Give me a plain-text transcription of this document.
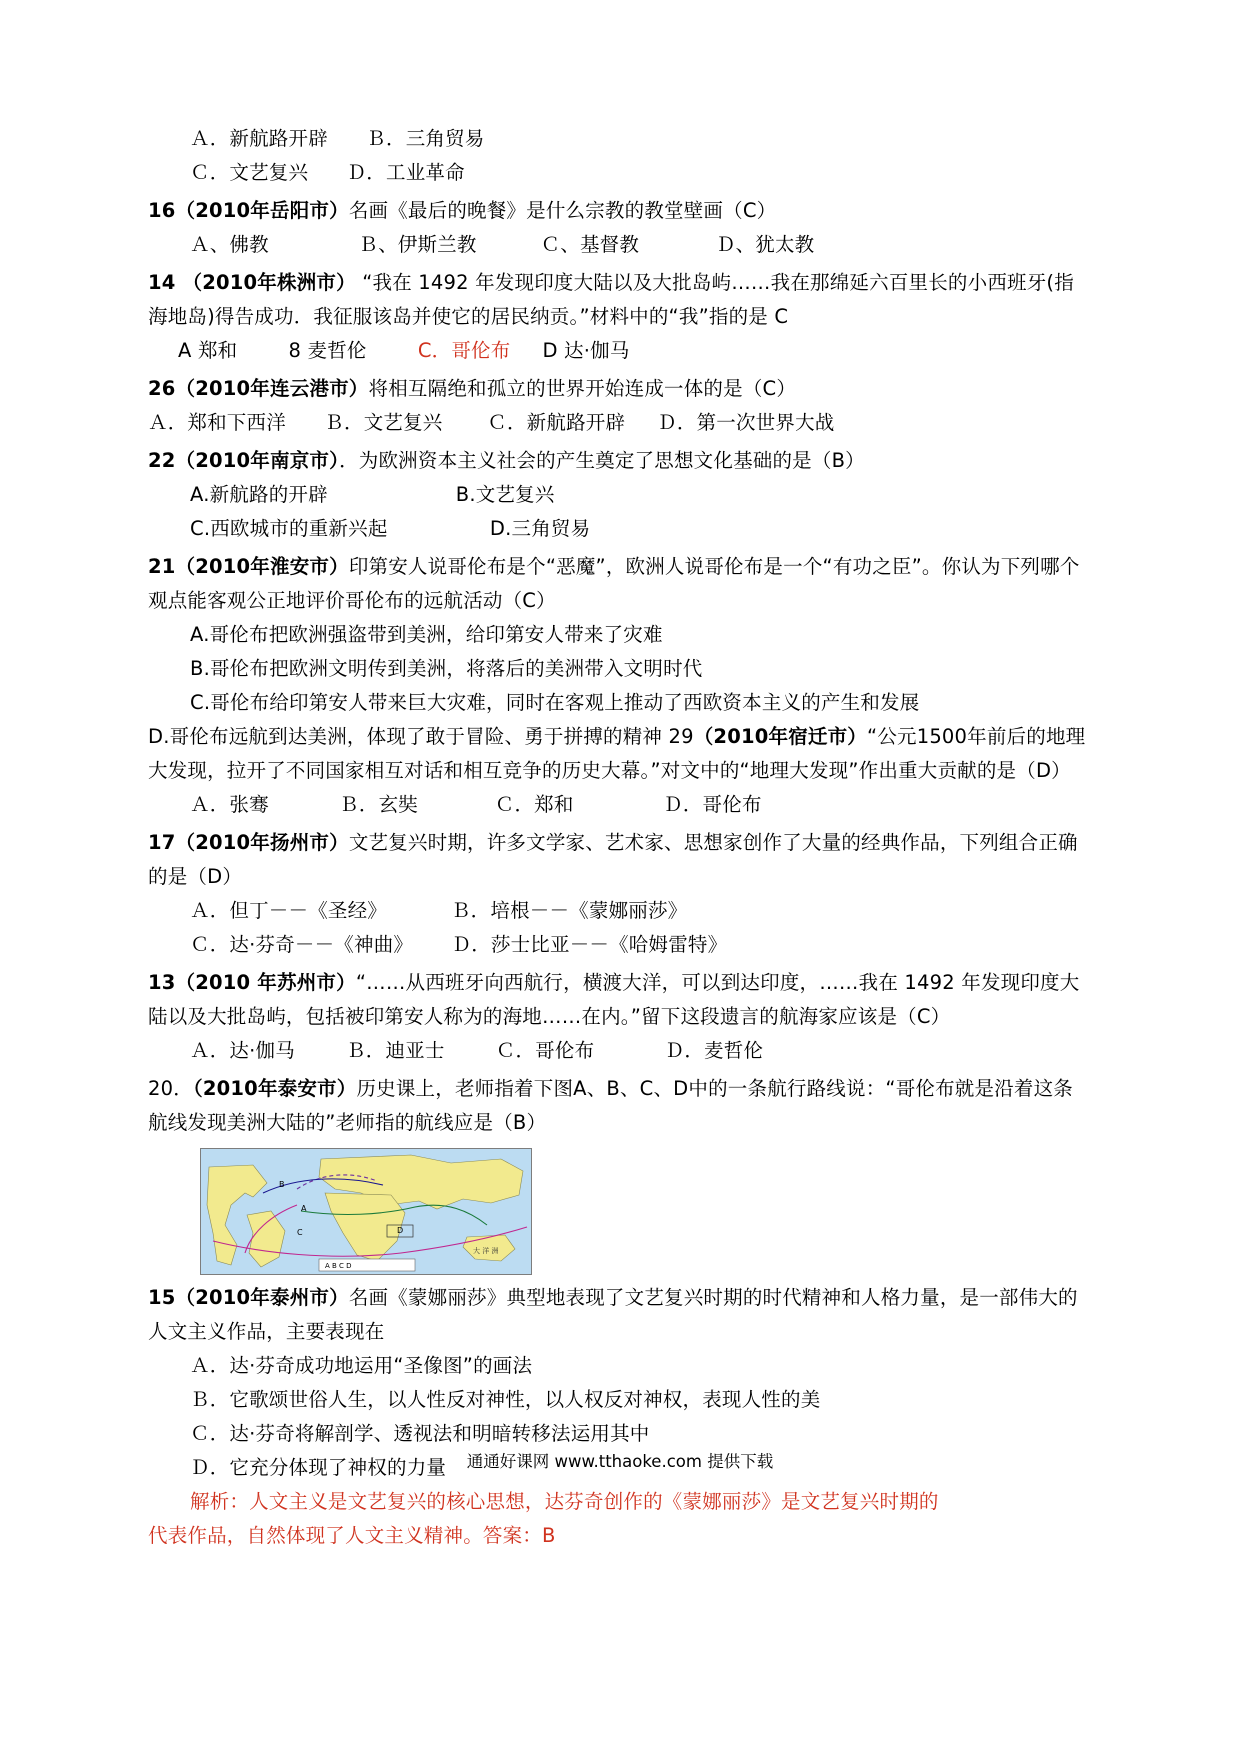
Ａ．新航路开辟      Ｂ．三角贸易
Ｃ．文艺复兴      Ｄ．工业革命
16（2010年岳阳市）名画《最后的晚餐》是什么宗教的教堂壁画（C）
Ａ、佛教              Ｂ、伊斯兰教          Ｃ、基督教            Ｄ、犹太教
14 （2010年株洲市） “我在 1492 年发现印度大陆以及大批岛屿……我在那绵延六百里长的小西班牙(指海地岛)得告成功．我征服该岛并使它的居民纳贡。”材料中的“我”指的是 C
A 郑和        8 麦哲伦        C．哥伦布     D 达·伽马
26（2010年连云港市）将相互隔绝和孤立的世界开始连成一体的是（C）
Ａ．郑和下西洋      Ｂ．文艺复兴       Ｃ．新航路开辟     Ｄ．第一次世界大战
22（2010年南京市）．为欧洲资本主义社会的产生奠定了思想文化基础的是（B）
A.新航路的开辟                    B.文艺复兴
C.西欧城市的重新兴起                D.三角贸易
21（2010年淮安市）印第安人说哥伦布是个“恶魔”，欧洲人说哥伦布是一个“有功之臣”。你认为下列哪个观点能客观公正地评价哥伦布的远航活动（C）
A.哥伦布把欧洲强盗带到美洲，给印第安人带来了灾难
B.哥伦布把欧洲文明传到美洲，将落后的美洲带入文明时代
C.哥伦布给印第安人带来巨大灾难，同时在客观上推动了西欧资本主义的产生和发展
D.哥伦布远航到达美洲，体现了敢于冒险、勇于拼搏的精神 29（2010年宿迁市）“公元1500年前后的地理大发现，拉开了不同国家相互对话和相互竞争的历史大幕。”对文中的“地理大发现”作出重大贡献的是（D）
Ａ．张骞           Ｂ．玄奘            Ｃ．郑和              Ｄ．哥伦布
17（2010年扬州市）文艺复兴时期，许多文学家、艺术家、思想家创作了大量的经典作品，下列组合正确的是（D）
Ａ．但丁－－《圣经》          Ｂ．培根－－《蒙娜丽莎》
Ｃ．达·芬奇－－《神曲》      Ｄ．莎士比亚－－《哈姆雷特》
13（2010 年苏州市）“……从西班牙向西航行，横渡大洋，可以到达印度，……我在 1492 年发现印度大陆以及大批岛屿，包括被印第安人称为的海地……在内。”留下这段遗言的航海家应该是（C）
Ａ．达·伽马        Ｂ．迪亚士        Ｃ．哥伦布           Ｄ．麦哲伦
20．（2010年泰安市）历史课上，老师指着下图A、B、C、D中的一条航行路线说：“哥伦布就是沿着这条航线发现美洲大陆的”老师指的航线应是（B）
B
A
C	D
大 洋 洲
A B C D
15（2010年泰州市）名画《蒙娜丽莎》典型地表现了文艺复兴时期的时代精神和人格力量，是一部伟大的人文主义作品，主要表现在
Ａ．达·芬奇成功地运用“圣像图”的画法
Ｂ．它歌颂世俗人生，以人性反对神性，以人权反对神权，表现人性的美
Ｃ．达·芬奇将解剖学、透视法和明暗转移法运用其中
Ｄ．它充分体现了神权的力量
解析：人文主义是文艺复兴的核心思想，达芬奇创作的《蒙娜丽莎》是文艺复兴时期的
代表作品，自然体现了人文主义精神。答案：B
通通好课网 www.tthaoke.com 提供下载
